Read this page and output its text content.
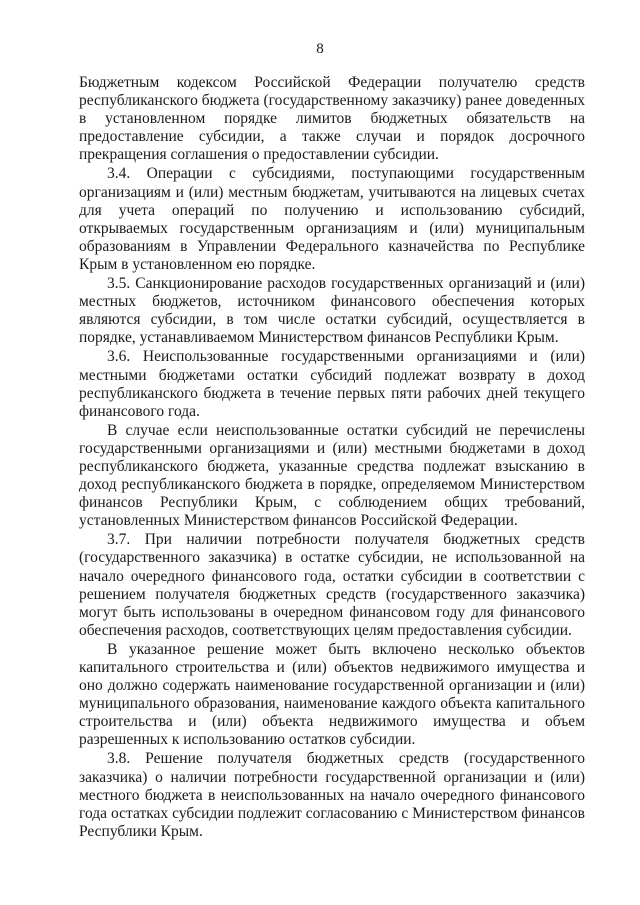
8

Бюджетным кодексом Российской Федерации получателю средств республиканского бюджета (государственному заказчику) ранее доведенных в установленном порядке лимитов бюджетных обязательств на предоставление субсидии, а также случаи и порядок досрочного прекращения соглашения о предоставлении субсидии.

3.4. Операции с субсидиями, поступающими государственным организациям и (или) местным бюджетам, учитываются на лицевых счетах для учета операций по получению и использованию субсидий, открываемых государственным организациям и (или) муниципальным образованиям в Управлении Федерального казначейства по Республике Крым в установленном ею порядке.

3.5. Санкционирование расходов государственных организаций и (или) местных бюджетов, источником финансового обеспечения которых являются субсидии, в том числе остатки субсидий, осуществляется в порядке, устанавливаемом Министерством финансов Республики Крым.

3.6. Неиспользованные государственными организациями и (или) местными бюджетами остатки субсидий подлежат возврату в доход республиканского бюджета в течение первых пяти рабочих дней текущего финансового года.

В случае если неиспользованные остатки субсидий не перечислены государственными организациями и (или) местными бюджетами в доход республиканского бюджета, указанные средства подлежат взысканию в доход республиканского бюджета в порядке, определяемом Министерством финансов Республики Крым, с соблюдением общих требований, установленных Министерством финансов Российской Федерации.

3.7. При наличии потребности получателя бюджетных средств (государственного заказчика) в остатке субсидии, не использованной на начало очередного финансового года, остатки субсидии в соответствии с решением получателя бюджетных средств (государственного заказчика) могут быть использованы в очередном финансовом году для финансового обеспечения расходов, соответствующих целям предоставления субсидии.

В указанное решение может быть включено несколько объектов капитального строительства и (или) объектов недвижимого имущества и оно должно содержать наименование государственной организации и (или) муниципального образования, наименование каждого объекта капитального строительства и (или) объекта недвижимого имущества и объем разрешенных к использованию остатков субсидии.

3.8. Решение получателя бюджетных средств (государственного заказчика) о наличии потребности государственной организации и (или) местного бюджета в неиспользованных на начало очередного финансового года остатках субсидии подлежит согласованию с Министерством финансов Республики Крым.
